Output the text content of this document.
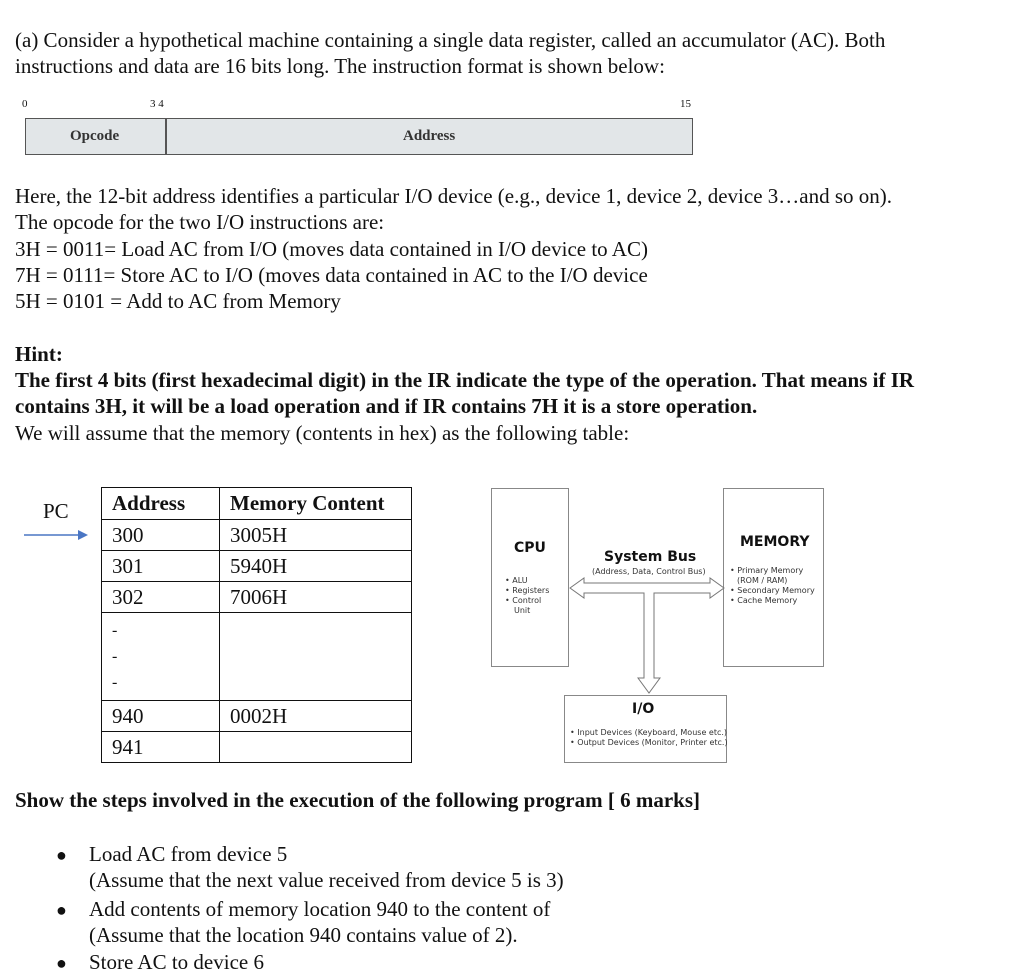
(a) Consider a hypothetical machine containing a single data register, called an accumulator (AC). Both
instructions and data are 16 bits long. The instruction format is shown below:
0	3 4	15
Opcode	Address
Here, the 12-bit address identifies a particular I/O device (e.g., device 1, device 2, device 3…and so on).
The opcode for the two I/O instructions are:
3H = 0011= Load AC from I/O (moves data contained in I/O device to AC)
7H = 0111= Store AC to I/O (moves data contained in AC to the I/O device
5H = 0101 = Add to AC from Memory
Hint:
The first 4 bits (first hexadecimal digit) in the IR indicate the type of the operation. That means if IR
contains 3H, it will be a load operation and if IR contains 7H it is a store operation.
We will assume that the memory (contents in hex) as the following table:
PC Address	Memory Content
300	3005H
301	5940H
302	7006H
-
-
-	
940	0002H
941	
CPU
• ALU
• Registers
• Control
Unit
MEMORY
• Primary Memory
(ROM / RAM)
• Secondary Memory
• Cache Memory
System Bus
(Address, Data, Control Bus)
I/O
• Input Devices (Keyboard, Mouse etc.)
• Output Devices (Monitor, Printer etc.)
Show the steps involved in the execution of the following program [ 6 marks]
● Load AC from device 5
(Assume that the next value received from device 5 is 3)
● Add contents of memory location 940 to the content of
(Assume that the location 940 contains value of 2).
● Store AC to device 6
